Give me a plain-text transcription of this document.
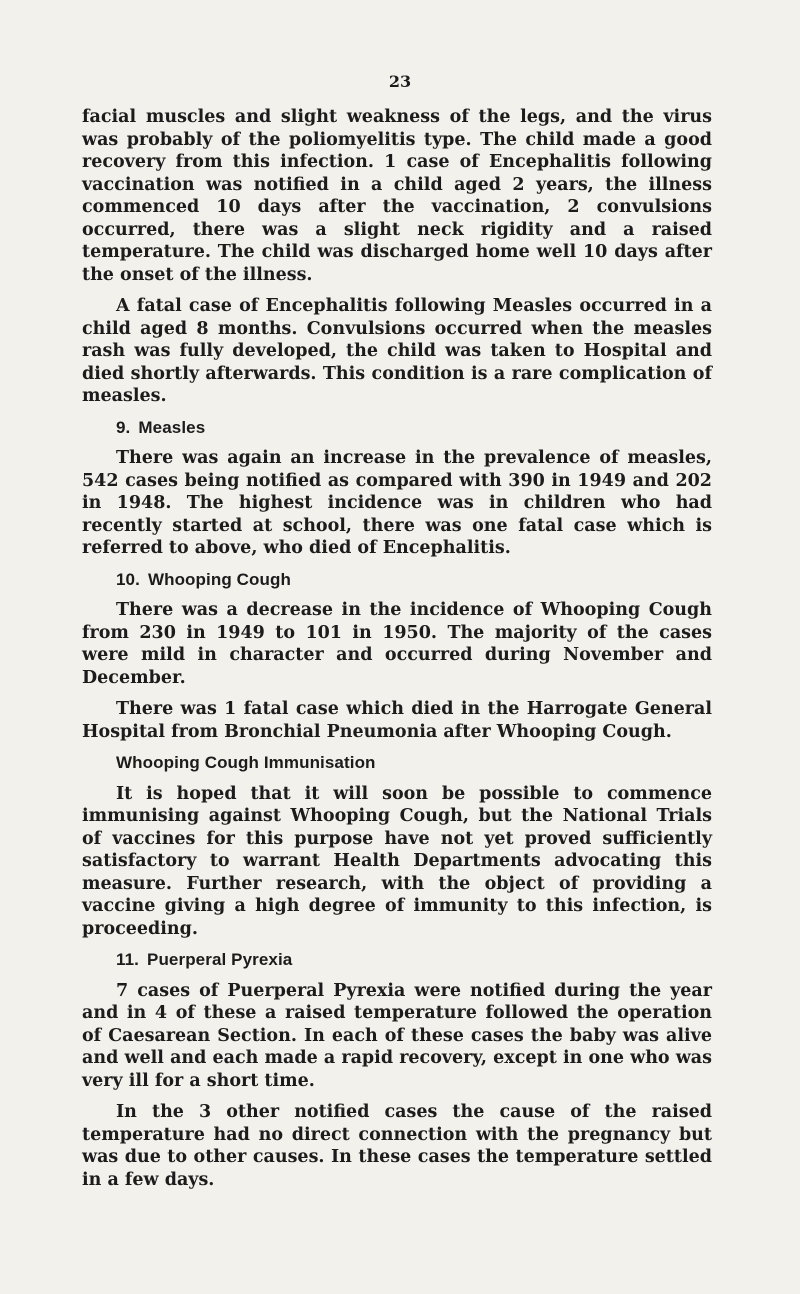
23

facial muscles and slight weakness of the legs, and the virus was probably of the poliomyelitis type. The child made a good recovery from this infection. 1 case of Encephalitis following vaccination was notified in a child aged 2 years, the illness commenced 10 days after the vaccination, 2 convulsions occurred, there was a slight neck rigidity and a raised temperature. The child was discharged home well 10 days after the onset of the illness.

A fatal case of Encephalitis following Measles occurred in a child aged 8 months. Convulsions occurred when the measles rash was fully developed, the child was taken to Hospital and died shortly afterwards. This condition is a rare complication of measles.

9. Measles

There was again an increase in the prevalence of measles, 542 cases being notified as compared with 390 in 1949 and 202 in 1948. The highest incidence was in children who had recently started at school, there was one fatal case which is referred to above, who died of Encephalitis.

10. Whooping Cough

There was a decrease in the incidence of Whooping Cough from 230 in 1949 to 101 in 1950. The majority of the cases were mild in character and occurred during November and December.

There was 1 fatal case which died in the Harrogate General Hospital from Bronchial Pneumonia after Whooping Cough.

Whooping Cough Immunisation

It is hoped that it will soon be possible to commence immunising against Whooping Cough, but the National Trials of vaccines for this purpose have not yet proved sufficiently satisfactory to warrant Health Departments advocating this measure. Further research, with the object of providing a vaccine giving a high degree of immunity to this infection, is proceeding.

11. Puerperal Pyrexia

7 cases of Puerperal Pyrexia were notified during the year and in 4 of these a raised temperature followed the operation of Caesarean Section. In each of these cases the baby was alive and well and each made a rapid recovery, except in one who was very ill for a short time.

In the 3 other notified cases the cause of the raised temperature had no direct connection with the pregnancy but was due to other causes. In these cases the temperature settled in a few days.
